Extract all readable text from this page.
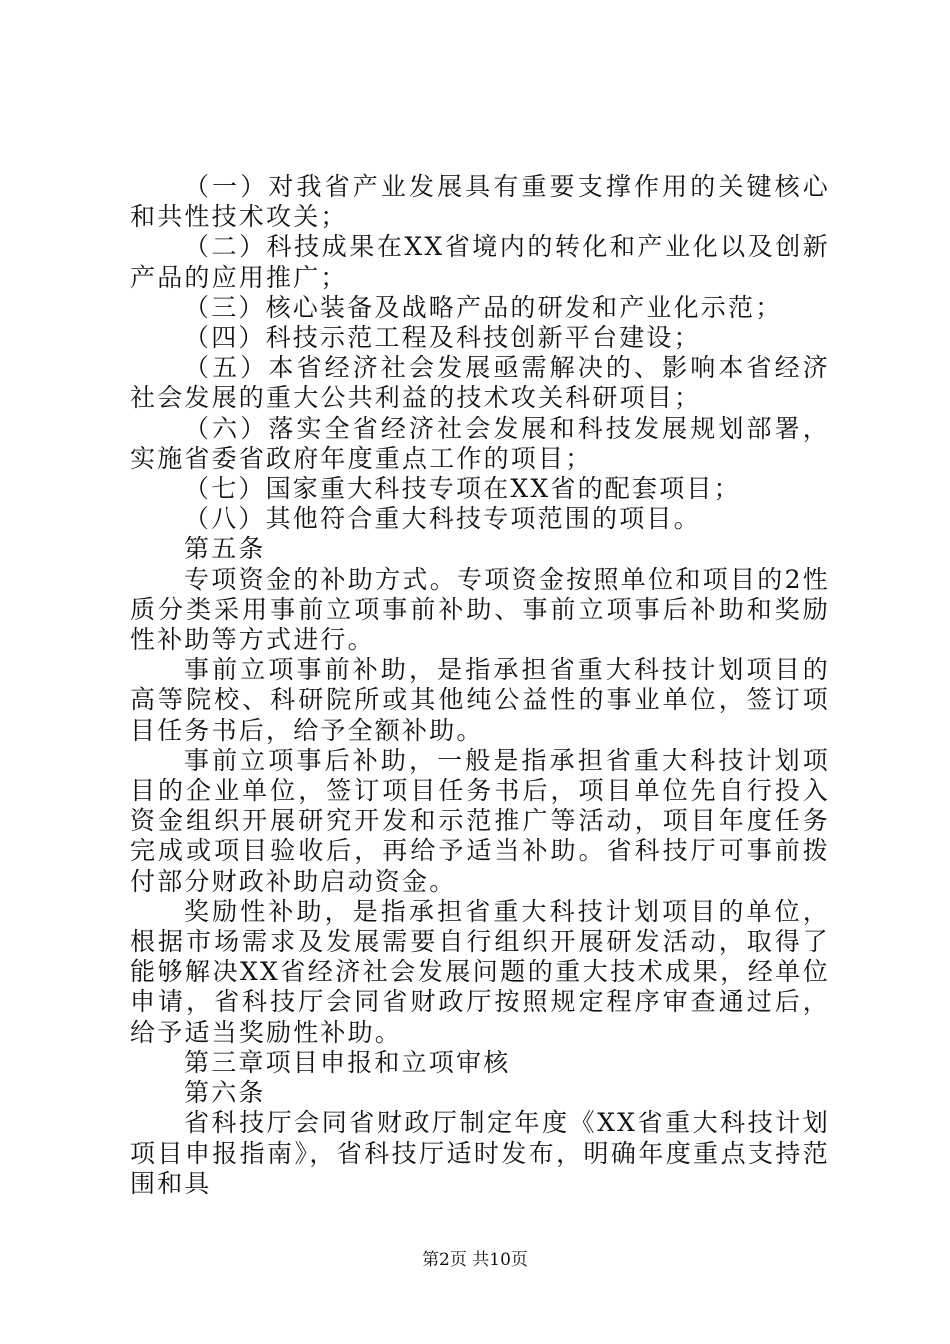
（一）对我省产业发展具有重要支撑作用的关键核心和共性技术攻关；

（二）科技成果在XX省境内的转化和产业化以及创新产品的应用推广；

（三）核心装备及战略产品的研发和产业化示范；

（四）科技示范工程及科技创新平台建设；

（五）本省经济社会发展亟需解决的、影响本省经济社会发展的重大公共利益的技术攻关科研项目；

（六）落实全省经济社会发展和科技发展规划部署，实施省委省政府年度重点工作的项目；

（七）国家重大科技专项在XX省的配套项目；

（八）其他符合重大科技专项范围的项目。

第五条

专项资金的补助方式。专项资金按照单位和项目的2性质分类采用事前立项事前补助、事前立项事后补助和奖励性补助等方式进行。

事前立项事前补助，是指承担省重大科技计划项目的高等院校、科研院所或其他纯公益性的事业单位，签订项目任务书后，给予全额补助。

事前立项事后补助，一般是指承担省重大科技计划项目的企业单位，签订项目任务书后，项目单位先自行投入资金组织开展研究开发和示范推广等活动，项目年度任务完成或项目验收后，再给予适当补助。省科技厅可事前拨付部分财政补助启动资金。

奖励性补助，是指承担省重大科技计划项目的单位，根据市场需求及发展需要自行组织开展研发活动，取得了能够解决XX省经济社会发展问题的重大技术成果，经单位申请，省科技厅会同省财政厅按照规定程序审查通过后，给予适当奖励性补助。

第三章项目申报和立项审核

第六条

省科技厅会同省财政厅制定年度《XX省重大科技计划项目申报指南》，省科技厅适时发布，明确年度重点支持范围和具

第2页 共10页
